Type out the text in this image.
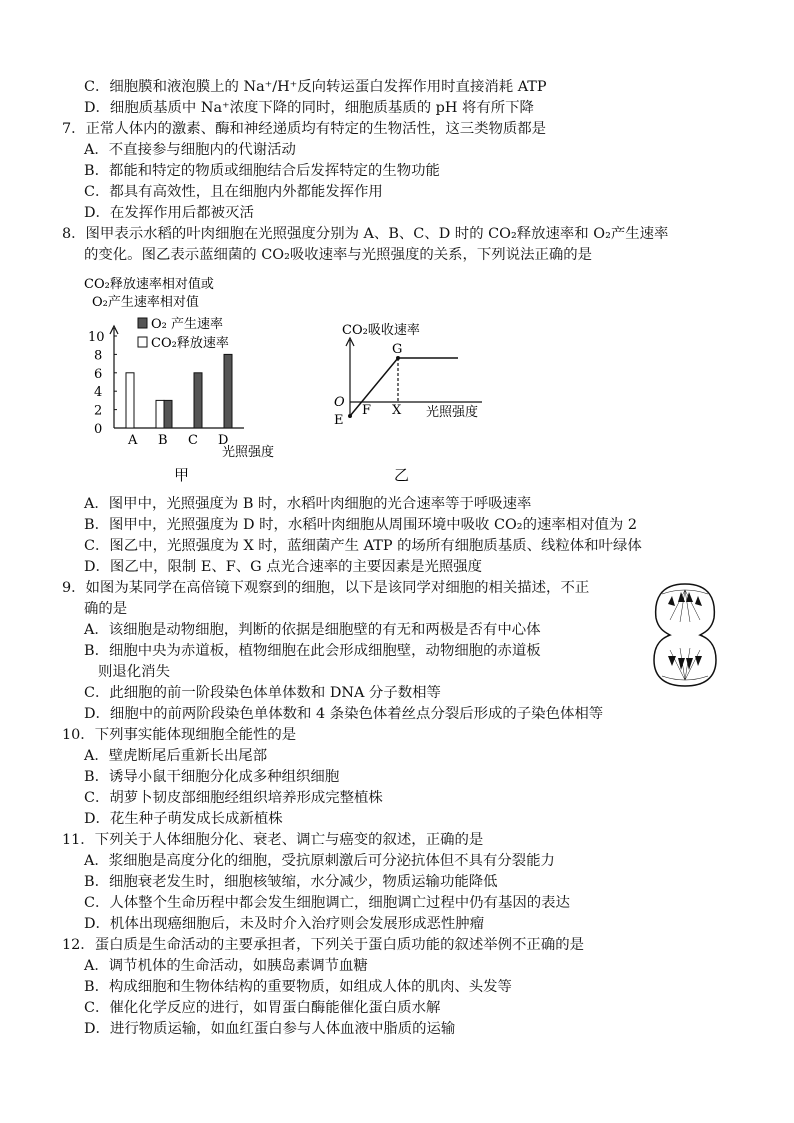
C．细胞膜和液泡膜上的 Na⁺/H⁺反向转运蛋白发挥作用时直接消耗 ATP
D．细胞质基质中 Na⁺浓度下降的同时，细胞质基质的 pH 将有所下降
7．正常人体内的激素、酶和神经递质均有特定的生物活性，这三类物质都是
A．不直接参与细胞内的代谢活动
B．都能和特定的物质或细胞结合后发挥特定的生物功能
C．都具有高效性，且在细胞内外都能发挥作用
D．在发挥作用后都被灭活
8．图甲表示水稻的叶肉细胞在光照强度分别为 A、B、C、D 时的 CO₂释放速率和 O₂产生速率
的变化。图乙表示蓝细菌的 CO₂吸收速率与光照强度的关系，下列说法正确的是
A．图甲中，光照强度为 B 时，水稻叶肉细胞的光合速率等于呼吸速率
B．图甲中，光照强度为 D 时，水稻叶肉细胞从周围环境中吸收 CO₂的速率相对值为 2
C．图乙中，光照强度为 X 时，蓝细菌产生 ATP 的场所有细胞质基质、线粒体和叶绿体
D．图乙中，限制 E、F、G 点光合速率的主要因素是光照强度
9．如图为某同学在高倍镜下观察到的细胞，以下是该同学对细胞的相关描述，不正
确的是
A．该细胞是动物细胞，判断的依据是细胞壁的有无和两极是否有中心体
B．细胞中央为赤道板，植物细胞在此会形成细胞壁，动物细胞的赤道板
则退化消失
C．此细胞的前一阶段染色体单体数和 DNA 分子数相等
D．细胞中的前两阶段染色单体数和 4 条染色体着丝点分裂后形成的子染色体相等
10．下列事实能体现细胞全能性的是
A．壁虎断尾后重新长出尾部
B．诱导小鼠干细胞分化成多种组织细胞
C．胡萝卜韧皮部细胞经组织培养形成完整植株
D．花生种子萌发成长成新植株
11．下列关于人体细胞分化、衰老、调亡与癌变的叙述，正确的是
A．浆细胞是高度分化的细胞，受抗原刺激后可分泌抗体但不具有分裂能力
B．细胞衰老发生时，细胞核皱缩，水分减少，物质运输功能降低
C．人体整个生命历程中都会发生细胞调亡，细胞调亡过程中仍有基因的表达
D．机体出现癌细胞后，未及时介入治疗则会发展形成恶性肿瘤
12．蛋白质是生命活动的主要承担者，下列关于蛋白质功能的叙述举例不正确的是
A．调节机体的生命活动，如胰岛素调节血糖
B．构成细胞和生物体结构的重要物质，如组成人体的肌肉、头发等
C．催化化学反应的进行，如胃蛋白酶能催化蛋白质水解
D．进行物质运输，如血红蛋白参与人体血液中脂质的运输
CO₂释放速率相对值或
O₂产生速率相对值
A B C D
0
2
4
6
8
10
O₂ 产生速率
CO₂释放速率
光照强度
甲
CO₂吸收速率
G
O
E
F X 光照强度
乙
